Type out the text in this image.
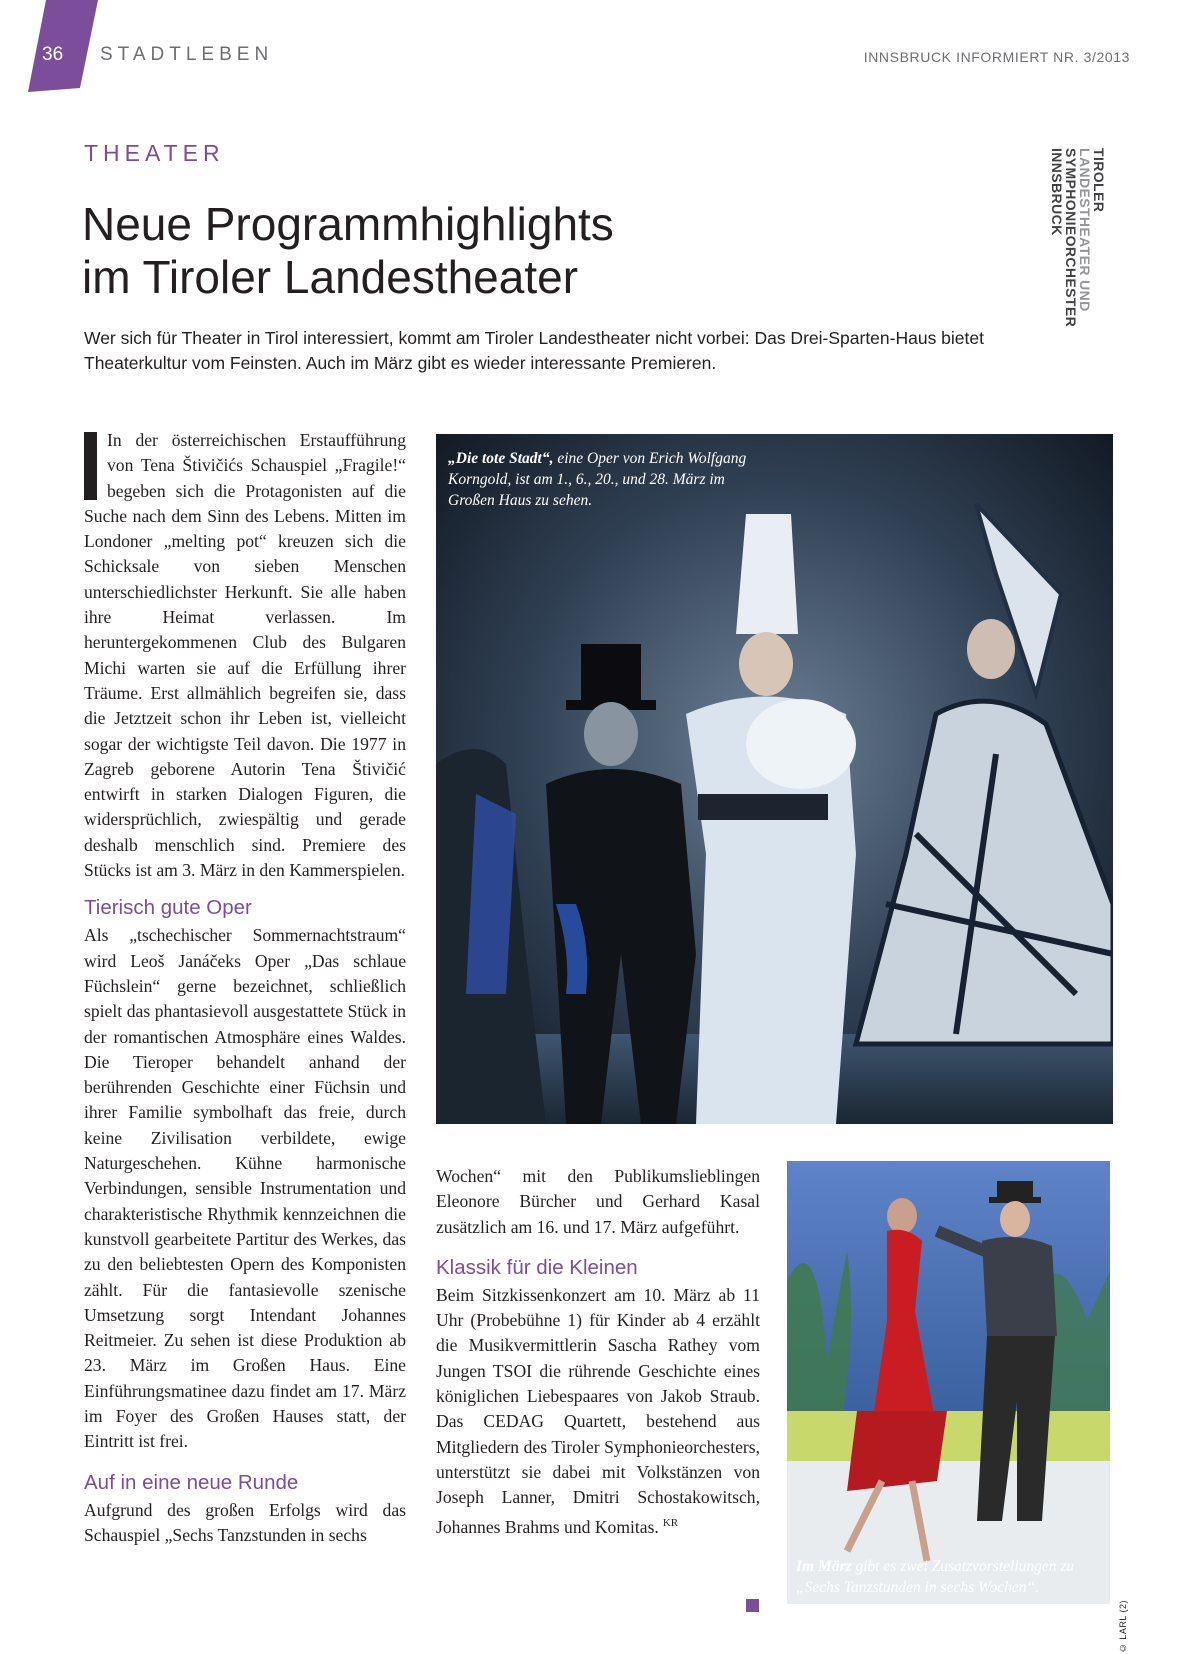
36 STADTLEBEN	INNSBRUCK INFORMIERT NR. 3/2013
THEATER
Neue Programmhighlights
im Tiroler Landestheater
Wer sich für Theater in Tirol interessiert, kommt am Tiroler Landestheater nicht vorbei: Das Drei-Sparten-Haus bietet Theaterkultur vom Feinsten. Auch im März gibt es wieder interessante Premieren.
TIROLER
LANDESTHEATER UND
SYMPHONIEORCHESTER
INNSBRUCK

In der österreichischen Erstaufführung von Tena Štivičićs Schauspiel „Fragile!“ begeben sich die Protagonisten auf die Suche nach dem Sinn des Lebens. Mitten im Londoner „melting pot“ kreuzen sich die Schicksale von sieben Menschen unterschiedlichster Herkunft. Sie alle haben ihre Heimat verlassen. Im heruntergekommenen Club des Bulgaren Michi warten sie auf die Erfüllung ihrer Träume. Erst allmählich begreifen sie, dass die Jetztzeit schon ihr Leben ist, vielleicht sogar der wichtigste Teil davon. Die 1977 in Zagreb geborene Autorin Tena Štivičić entwirft in starken Dialogen Figuren, die widersprüchlich, zwiespältig und gerade deshalb menschlich sind. Premiere des Stücks ist am 3. März in den Kammerspielen.

Tierisch gute Oper

Als „tschechischer Sommernachtstraum“ wird Leoš Janáčeks Oper „Das schlaue Füchslein“ gerne bezeichnet, schließlich spielt das phantasievoll ausgestattete Stück in der romantischen Atmosphäre eines Waldes. Die Tieroper behandelt anhand der berührenden Geschichte einer Füchsin und ihrer Familie symbolhaft das freie, durch keine Zivilisation verbildete, ewige Naturgeschehen. Kühne harmonische Verbindungen, sensible Instrumentation und charakteristische Rhythmik kennzeichnen die kunstvoll gearbeitete Partitur des Werkes, das zu den beliebtesten Opern des Komponisten zählt. Für die fantasievolle szenische Umsetzung sorgt Intendant Johannes Reitmeier. Zu sehen ist diese Produktion ab 23. März im Großen Haus. Eine Einführungsmatinee dazu findet am 17. März im Foyer des Großen Hauses statt, der Eintritt ist frei.

Auf in eine neue Runde

Aufgrund des großen Erfolgs wird das Schauspiel „Sechs Tanzstunden in sechs

„Die tote Stadt“, eine Oper von Erich Wolfgang Korngold, ist am 1., 6., 20., und 28. März im Großen Haus zu sehen.

Wochen“ mit den Publikumslieblingen Eleonore Bürcher und Gerhard Kasal zusätzlich am 16. und 17. März aufgeführt.

Klassik für die Kleinen

Beim Sitzkissenkonzert am 10. März ab 11 Uhr (Probebühne 1) für Kinder ab 4 erzählt die Musikvermittlerin Sascha Rathey vom Jungen TSOI die rührende Geschichte eines königlichen Liebespaares von Jakob Straub. Das CEDAG Quartett, bestehend aus Mitgliedern des Tiroler Symphonieorchesters, unterstützt sie dabei mit Volkstänzen von Joseph Lanner, Dmitri Schostakowitsch, Johannes Brahms und Komitas. $^{KR}$

Im März gibt es zwei Zusatzvorstellungen zu „Sechs Tanzstunden in sechs Wochen“.
© LARL (2)
